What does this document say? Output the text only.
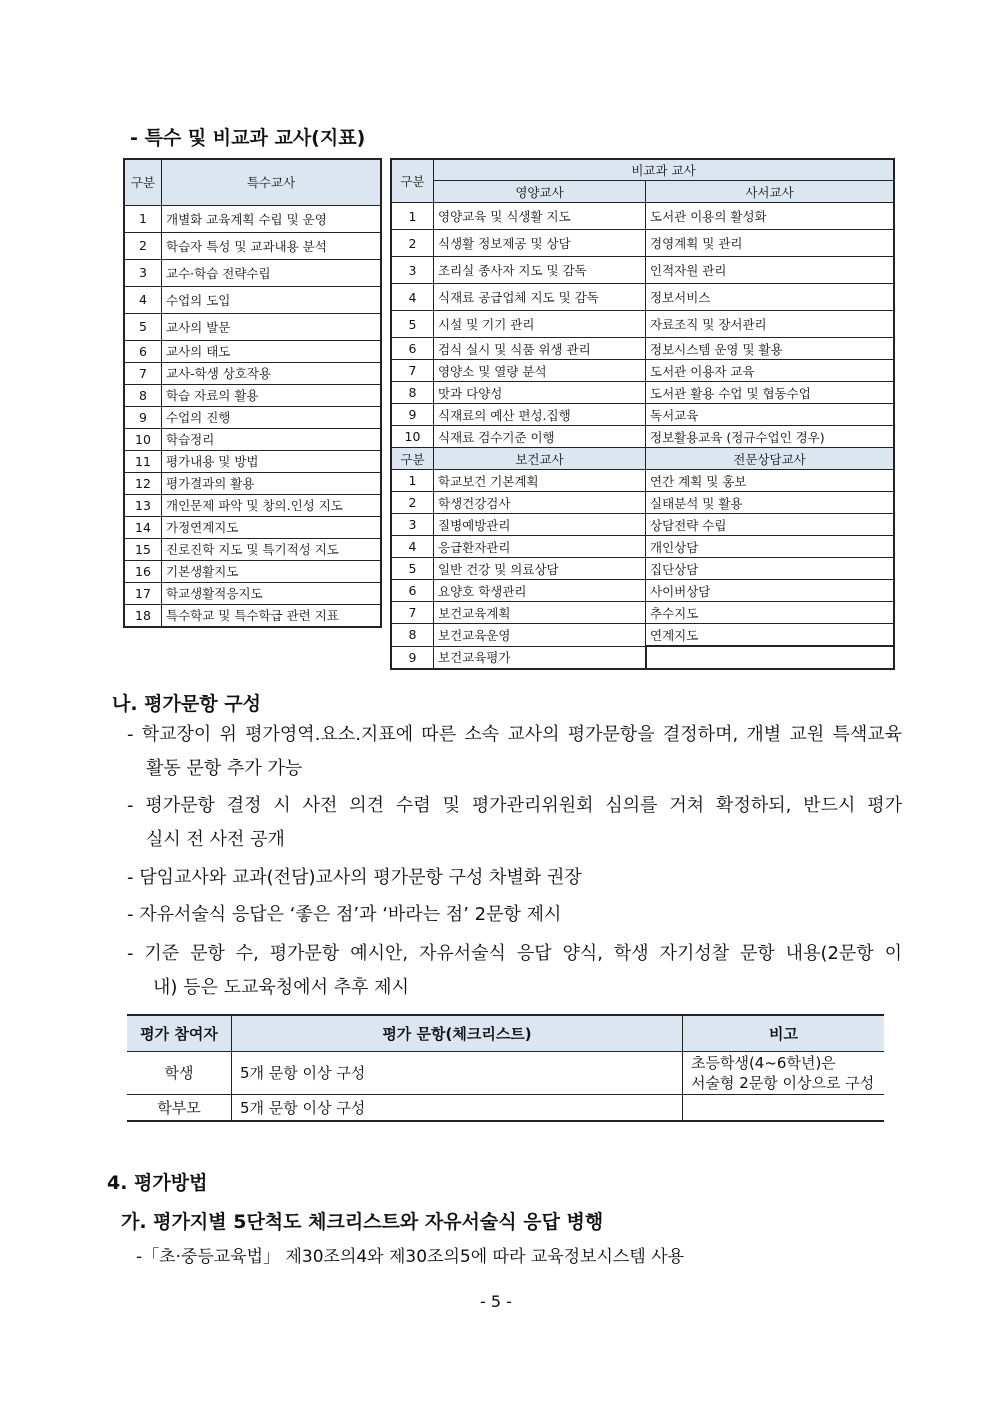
- 특수 및 비교과 교사(지표)
구분	특수교사
1	개별화 교육계획 수립 및 운영
2	학습자 특성 및 교과내용 분석
3	교수·학습 전략수립
4	수업의 도입
5	교사의 발문
6	교사의 태도
7	교사-학생 상호작용
8	학습 자료의 활용
9	수업의 진행
10	학습정리
11	평가내용 및 방법
12	평가결과의 활용
13	개인문제 파악 및 창의.인성 지도
14	가정연계지도
15	진로진학 지도 및 특기적성 지도
16	기본생활지도
17	학교생활적응지도
18	특수학교 및 특수학급 관련 지표
구분	비교과 교사	
	영양교사	사서교사
1	영양교육 및 식생활 지도	도서관 이용의 활성화
2	식생활 정보제공 및 상담	경영계획 및 관리
3	조리실 종사자 지도 및 감독	인적자원 관리
4	식재료 공급업체 지도 및 감독	정보서비스
5	시설 및 기기 관리	자료조직 및 장서관리
6	검식 실시 및 식품 위생 관리	정보시스템 운영 및 활용
7	영양소 및 열량 분석	도서관 이용자 교육
8	맛과 다양성	도서관 활용 수업 및 협동수업
9	식재료의 예산 편성.집행	독서교육
10	식재료 검수기준 이행	정보활용교육 (정규수업인 경우)
구분	보건교사	전문상담교사
1	학교보건 기본계획	연간 계획 및 홍보
2	학생건강검사	실태분석 및 활용
3	질병예방관리	상담전략 수립
4	응급환자관리	개인상담
5	일반 건강 및 의료상담	집단상담
6	요양호 학생관리	사이버상담
7	보건교육계획	추수지도
8	보건교육운영	연계지도
9	보건교육평가	
나. 평가문항 구성
- 학교장이 위 평가영역.요소.지표에 따른 소속 교사의 평가문항을 결정하며, 개별 교원 특색교육
활동 문항 추가 가능
- 평가문항 결정 시 사전 의견 수렴 및 평가관리위원회 심의를 거쳐 확정하되, 반드시 평가
실시 전 사전 공개
- 담임교사와 교과(전담)교사의 평가문항 구성 차별화 권장
- 자유서술식 응답은 ‘좋은 점’과 ‘바라는 점’ 2문항 제시
- 기준 문항 수, 평가문항 예시안, 자유서술식 응답 양식, 학생 자기성찰 문항 내용(2문항 이
내) 등은 도교육청에서 추후 제시
평가 참여자	평가 문항(체크리스트)	비고
학생	5개 문항 이상 구성	초등학생(4~6학년)은
서술형 2문항 이상으로 구성

학부모	5개 문항 이상 구성	
4. 평가방법
가. 평가지별 5단척도 체크리스트와 자유서술식 응답 병행
-「초·중등교육법」 제30조의4와 제30조의5에 따라 교육정보시스템 사용
- 5 -
